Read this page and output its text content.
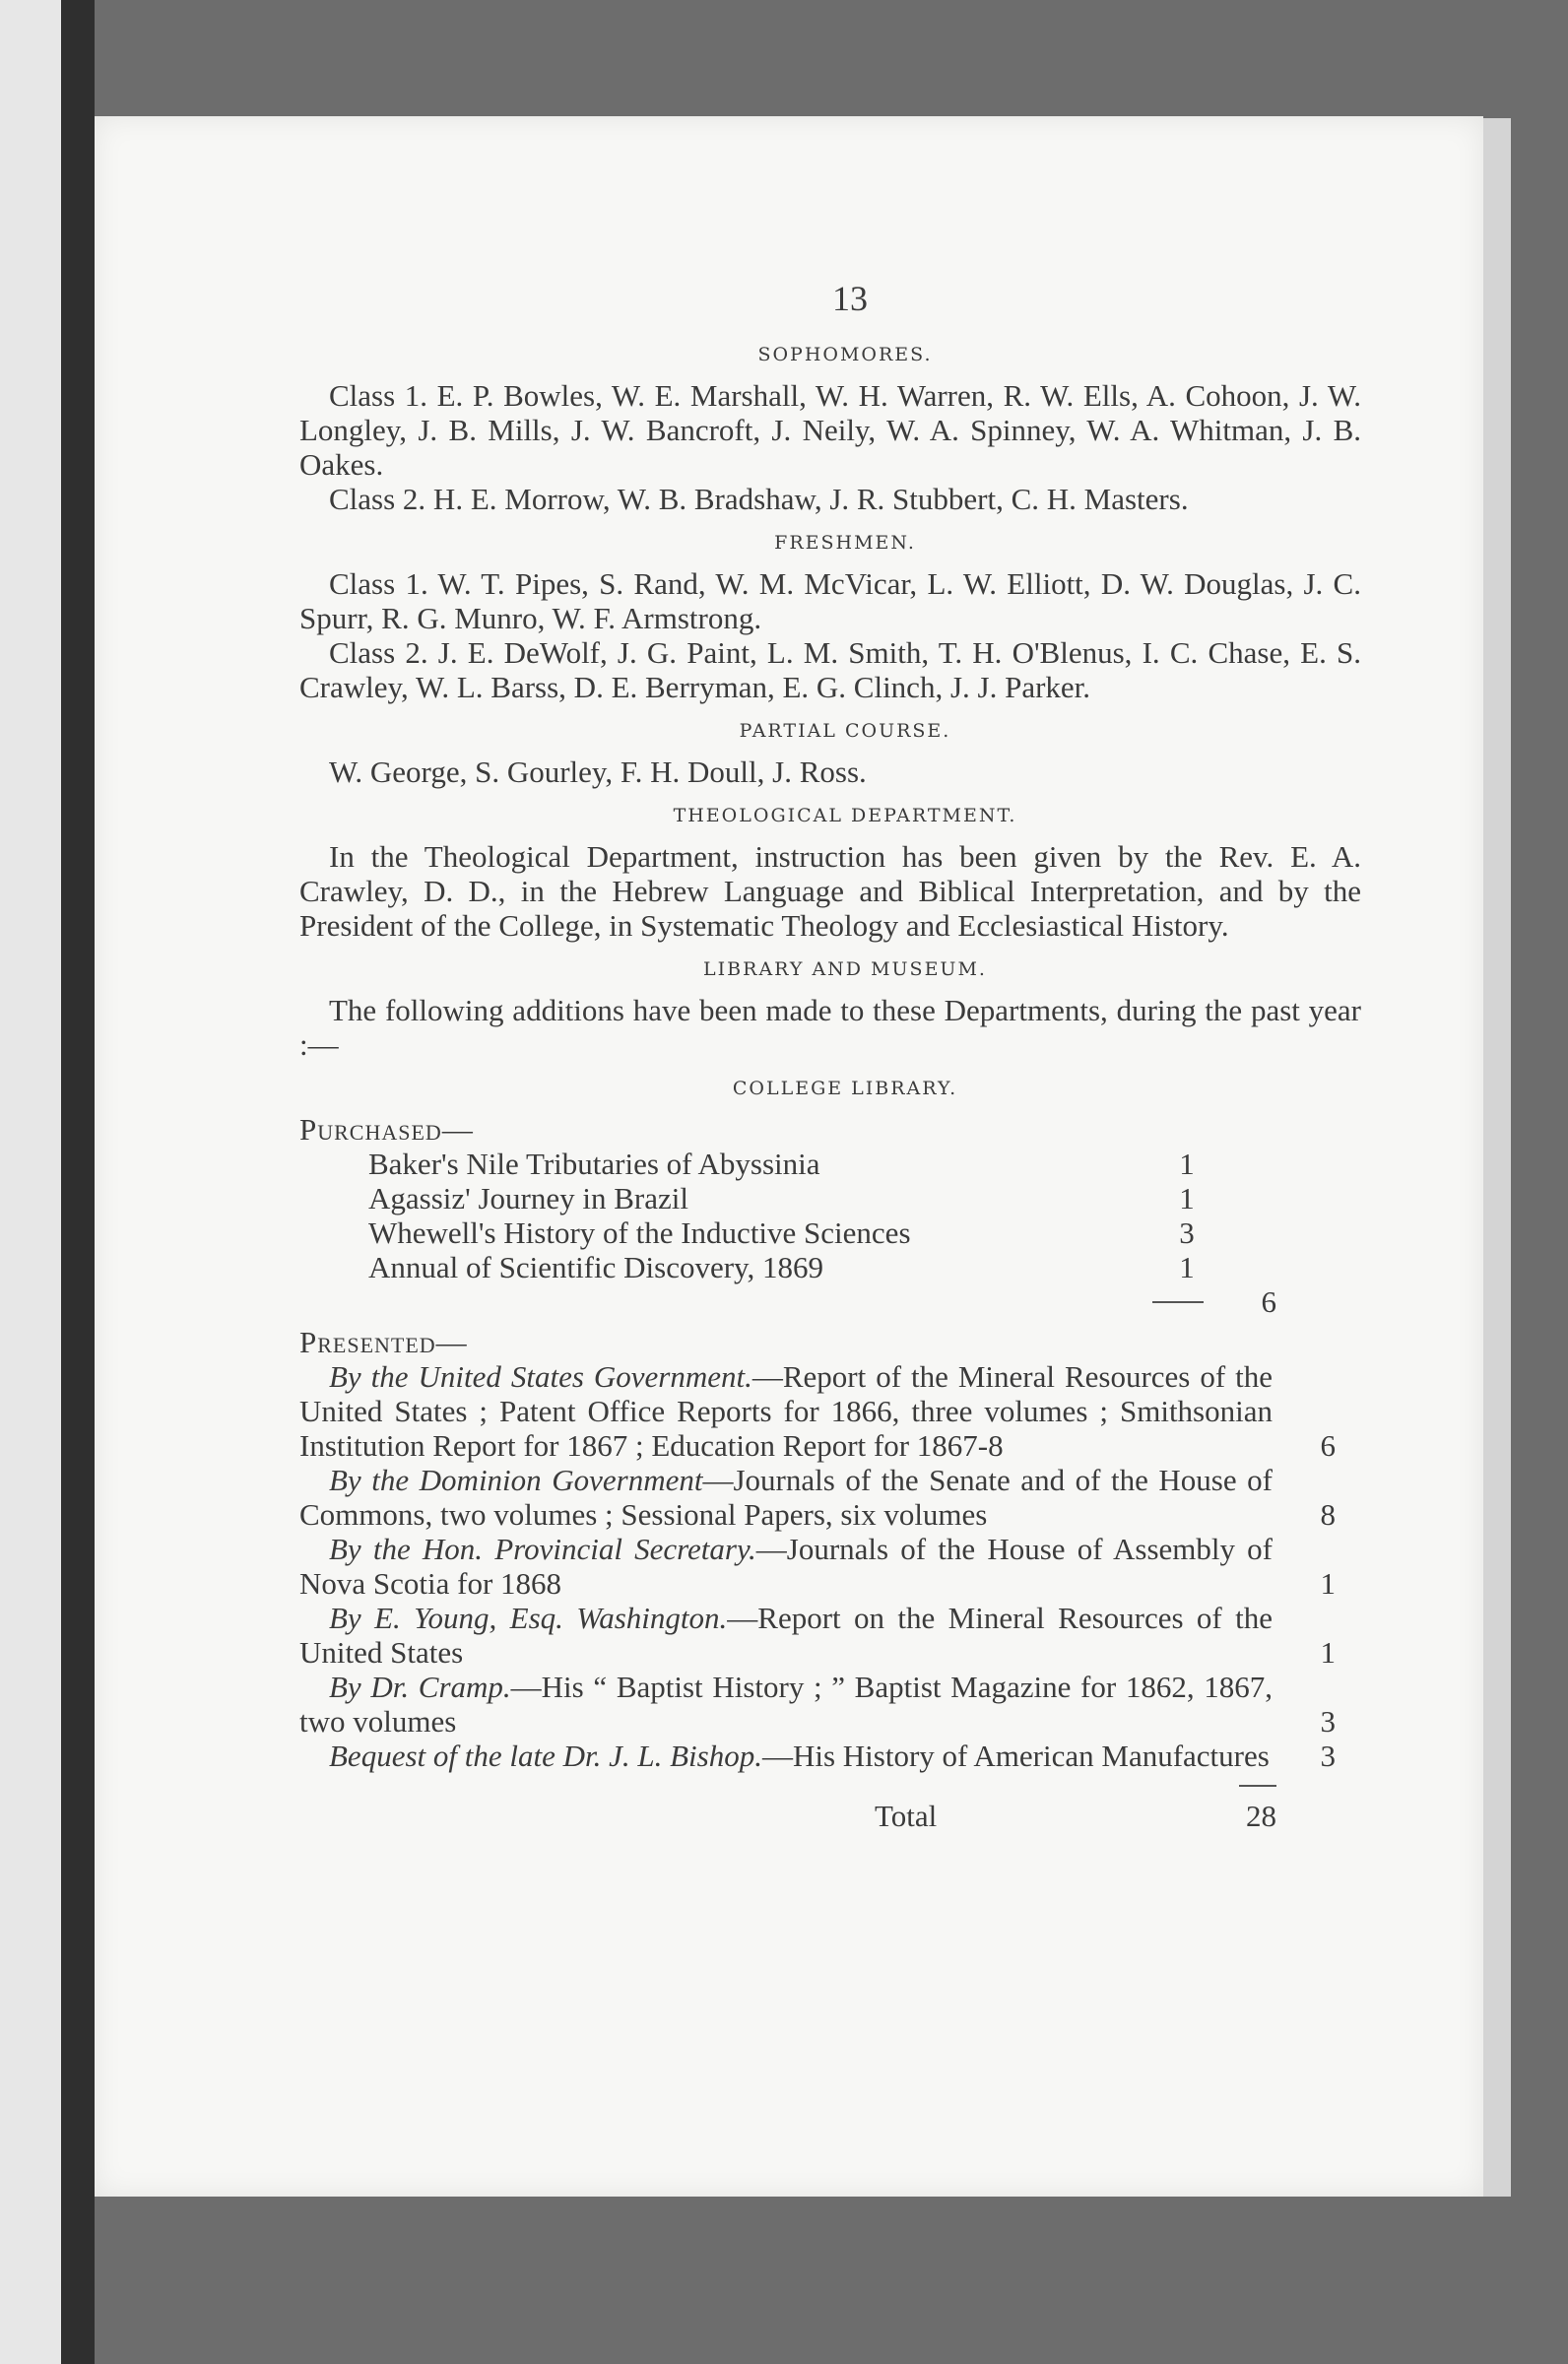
13
SOPHOMORES.

Class 1. E. P. Bowles, W. E. Marshall, W. H. Warren, R. W. Ells, A. Cohoon, J. W. Longley, J. B. Mills, J. W. Bancroft, J. Neily, W. A. Spinney, W. A. Whitman, J. B. Oakes.

Class 2. H. E. Morrow, W. B. Bradshaw, J. R. Stubbert, C. H. Masters.

FRESHMEN.

Class 1. W. T. Pipes, S. Rand, W. M. McVicar, L. W. Elliott, D. W. Douglas, J. C. Spurr, R. G. Munro, W. F. Armstrong.

Class 2. J. E. DeWolf, J. G. Paint, L. M. Smith, T. H. O'Blenus, I. C. Chase, E. S. Crawley, W. L. Barss, D. E. Berryman, E. G. Clinch, J. J. Parker.

PARTIAL COURSE.

W. George, S. Gourley, F. H. Doull, J. Ross.

THEOLOGICAL DEPARTMENT.

In the Theological Department, instruction has been given by the Rev. E. A. Crawley, D. D., in the Hebrew Language and Biblical Interpretation, and by the President of the College, in Systematic Theology and Ecclesiastical History.

LIBRARY AND MUSEUM.

The following additions have been made to these Departments, during the past year :—

COLLEGE LIBRARY.
Purchased—
Baker's Nile Tributaries of Abyssinia	1
Agassiz' Journey in Brazil	1
Whewell's History of the Inductive Sciences	3
Annual of Scientific Discovery, 1869	1
6
Presented—
By the United States Government.—Report of the Mineral Resources of the United States ; Patent Office Reports for 1866, three volumes ; Smithsonian Institution Report for 1867 ; Education Report for 1867-8	6
By the Dominion Government—Journals of the Senate and of the House of Commons, two volumes ; Sessional Papers, six volumes	8
By the Hon. Provincial Secretary.—Journals of the House of Assembly of Nova Scotia for 1868	1
By E. Young, Esq. Washington.—Report on the Mineral Resources of the United States	1
By Dr. Cramp.—His “ Baptist History ; ” Baptist Magazine for 1862, 1867, two volumes	3
Bequest of the late Dr. J. L. Bishop.—His History of American Manufactures	3
Total	28
